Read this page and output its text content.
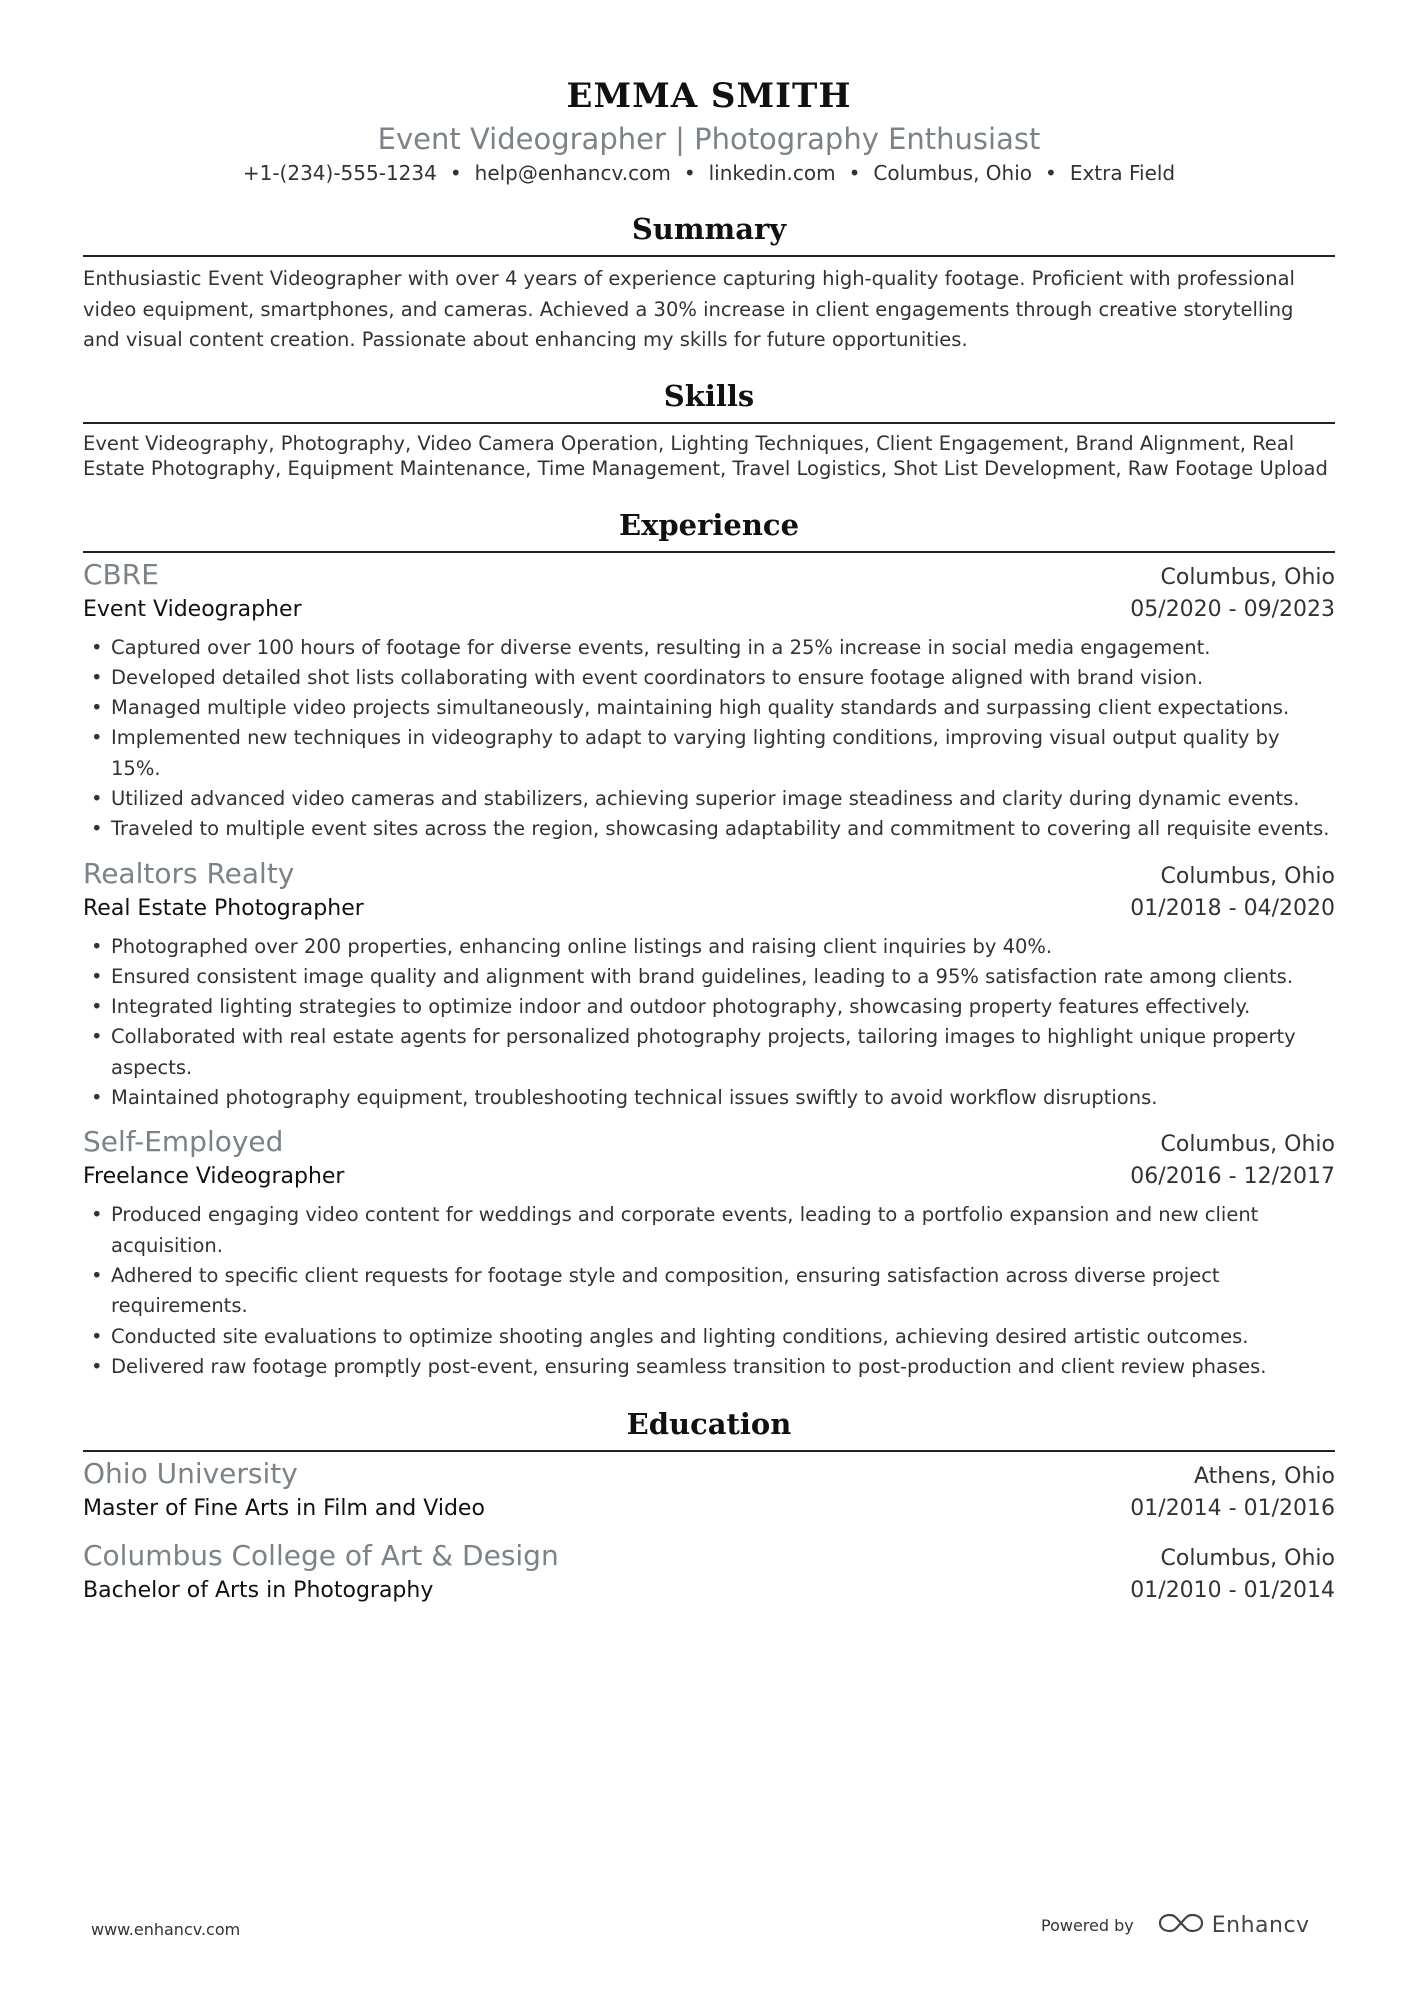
EMMA SMITH
Event Videographer | Photography Enthusiast
+1-(234)-555-1234 • help@enhancv.com • linkedin.com • Columbus, Ohio • Extra Field
Summary
Enthusiastic Event Videographer with over 4 years of experience capturing high-quality footage. Proficient with professional video equipment, smartphones, and cameras. Achieved a 30% increase in client engagements through creative storytelling and visual content creation. Passionate about enhancing my skills for future opportunities.
Skills
Event Videography, Photography, Video Camera Operation, Lighting Techniques, Client Engagement, Brand Alignment, Real Estate Photography, Equipment Maintenance, Time Management, Travel Logistics, Shot List Development, Raw Footage Upload
Experience
CBRE	Columbus, Ohio
Event Videographer	05/2020 - 09/2023
• Captured over 100 hours of footage for diverse events, resulting in a 25% increase in social media engagement.
• Developed detailed shot lists collaborating with event coordinators to ensure footage aligned with brand vision.
• Managed multiple video projects simultaneously, maintaining high quality standards and surpassing client expectations.
• Implemented new techniques in videography to adapt to varying lighting conditions, improving visual output quality by 15%.
• Utilized advanced video cameras and stabilizers, achieving superior image steadiness and clarity during dynamic events.
• Traveled to multiple event sites across the region, showcasing adaptability and commitment to covering all requisite events.
Realtors Realty	Columbus, Ohio
Real Estate Photographer	01/2018 - 04/2020
• Photographed over 200 properties, enhancing online listings and raising client inquiries by 40%.
• Ensured consistent image quality and alignment with brand guidelines, leading to a 95% satisfaction rate among clients.
• Integrated lighting strategies to optimize indoor and outdoor photography, showcasing property features effectively.
• Collaborated with real estate agents for personalized photography projects, tailoring images to highlight unique property aspects.
• Maintained photography equipment, troubleshooting technical issues swiftly to avoid workflow disruptions.
Self-Employed	Columbus, Ohio
Freelance Videographer	06/2016 - 12/2017
• Produced engaging video content for weddings and corporate events, leading to a portfolio expansion and new client acquisition.
• Adhered to specific client requests for footage style and composition, ensuring satisfaction across diverse project requirements.
• Conducted site evaluations to optimize shooting angles and lighting conditions, achieving desired artistic outcomes.
• Delivered raw footage promptly post-event, ensuring seamless transition to post-production and client review phases.
Education
Ohio University	Athens, Ohio
Master of Fine Arts in Film and Video	01/2014 - 01/2016
Columbus College of Art & Design	Columbus, Ohio
Bachelor of Arts in Photography	01/2010 - 01/2014
www.enhancv.com	Powered by	Enhancv
